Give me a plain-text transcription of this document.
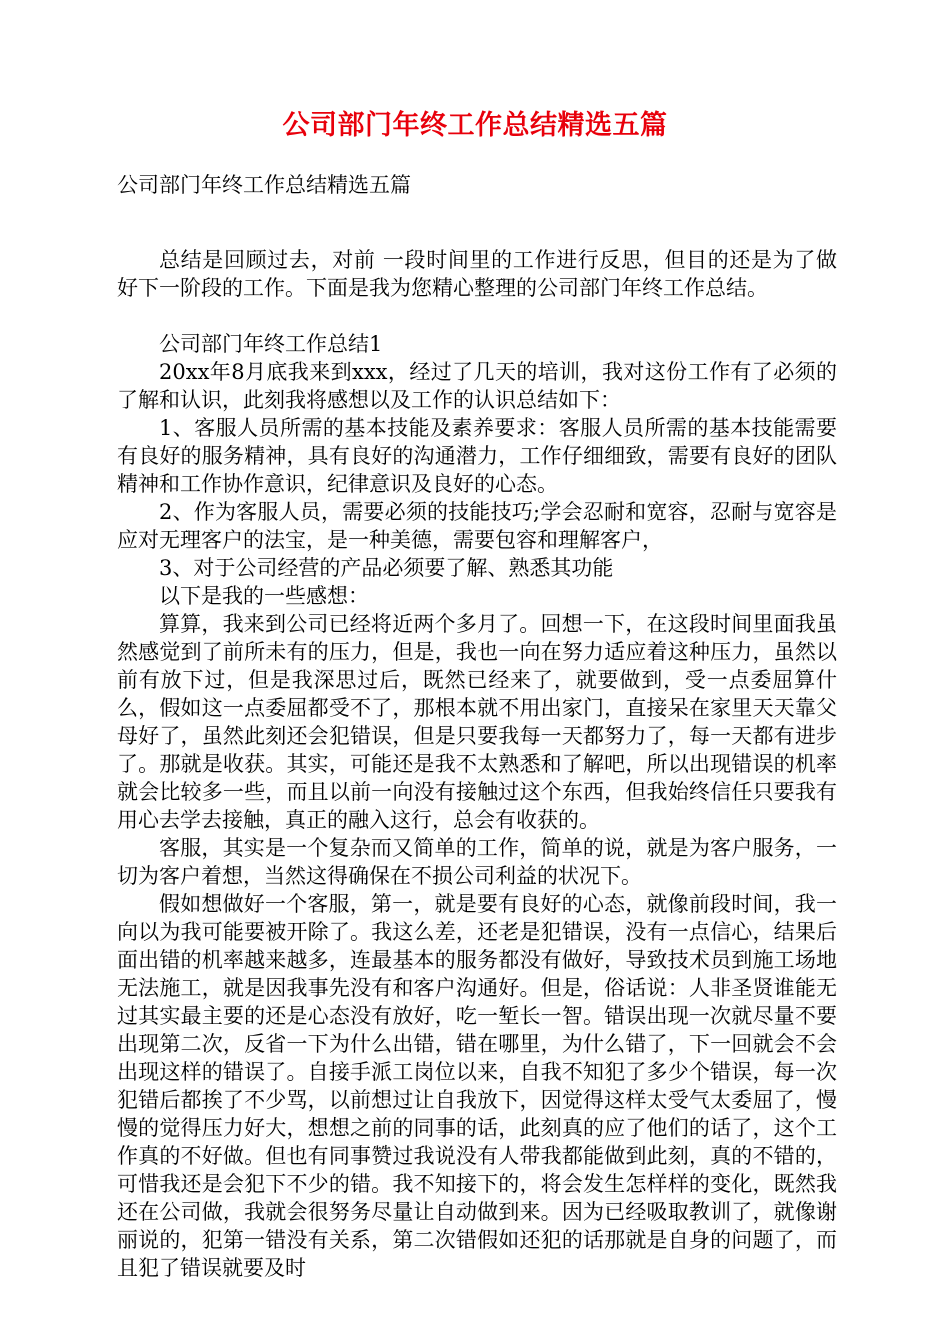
公司部门年终工作总结精选五篇
公司部门年终工作总结精选五篇

总结是回顾过去，对前 一段时间里的工作进行反思，但目的还是为了做好下一阶段的工作。下面是我为您精心整理的公司部门年终工作总结。

公司部门年终工作总结1

20xx年8月底我来到xxx，经过了几天的培训，我对这份工作有了必须的了解和认识，此刻我将感想以及工作的认识总结如下：

1、客服人员所需的基本技能及素养要求：客服人员所需的基本技能需要有良好的服务精神，具有良好的沟通潜力，工作仔细细致，需要有良好的团队精神和工作协作意识，纪律意识及良好的心态。

2、作为客服人员，需要必须的技能技巧;学会忍耐和宽容，忍耐与宽容是应对无理客户的法宝，是一种美德，需要包容和理解客户，

3、对于公司经营的产品必须要了解、熟悉其功能

以下是我的一些感想：

算算，我来到公司已经将近两个多月了。回想一下，在这段时间里面我虽然感觉到了前所未有的压力，但是，我也一向在努力适应着这种压力，虽然以前有放下过，但是我深思过后，既然已经来了，就要做到，受一点委屈算什么，假如这一点委屈都受不了，那根本就不用出家门，直接呆在家里天天靠父母好了，虽然此刻还会犯错误，但是只要我每一天都努力了，每一天都有进步了。那就是收获。其实，可能还是我不太熟悉和了解吧，所以出现错误的机率就会比较多一些，而且以前一向没有接触过这个东西，但我始终信任只要我有用心去学去接触，真正的融入这行，总会有收获的。

客服，其实是一个复杂而又简单的工作，简单的说，就是为客户服务，一切为客户着想，当然这得确保在不损公司利益的状况下。

假如想做好一个客服，第一，就是要有良好的心态，就像前段时间，我一向以为我可能要被开除了。我这么差，还老是犯错误，没有一点信心，结果后面出错的机率越来越多，连最基本的服务都没有做好，导致技术员到施工场地无法施工，就是因我事先没有和客户沟通好。但是，俗话说：人非圣贤谁能无过其实最主要的还是心态没有放好，吃一堑长一智。错误出现一次就尽量不要出现第二次，反省一下为什么出错，错在哪里，为什么错了，下一回就会不会出现这样的错误了。自接手派工岗位以来，自我不知犯了多少个错误，每一次犯错后都挨了不少骂，以前想过让自我放下，因觉得这样太受气太委屈了，慢慢的觉得压力好大，想想之前的同事的话，此刻真的应了他们的话了，这个工作真的不好做。但也有同事赞过我说没有人带我都能做到此刻，真的不错的，可惜我还是会犯下不少的错。我不知接下的，将会发生怎样样的变化，既然我还在公司做，我就会很努务尽量让自动做到来。因为已经吸取教训了，就像谢丽说的，犯第一错没有关系，第二次错假如还犯的话那就是自身的问题了，而且犯了错误就要及时
